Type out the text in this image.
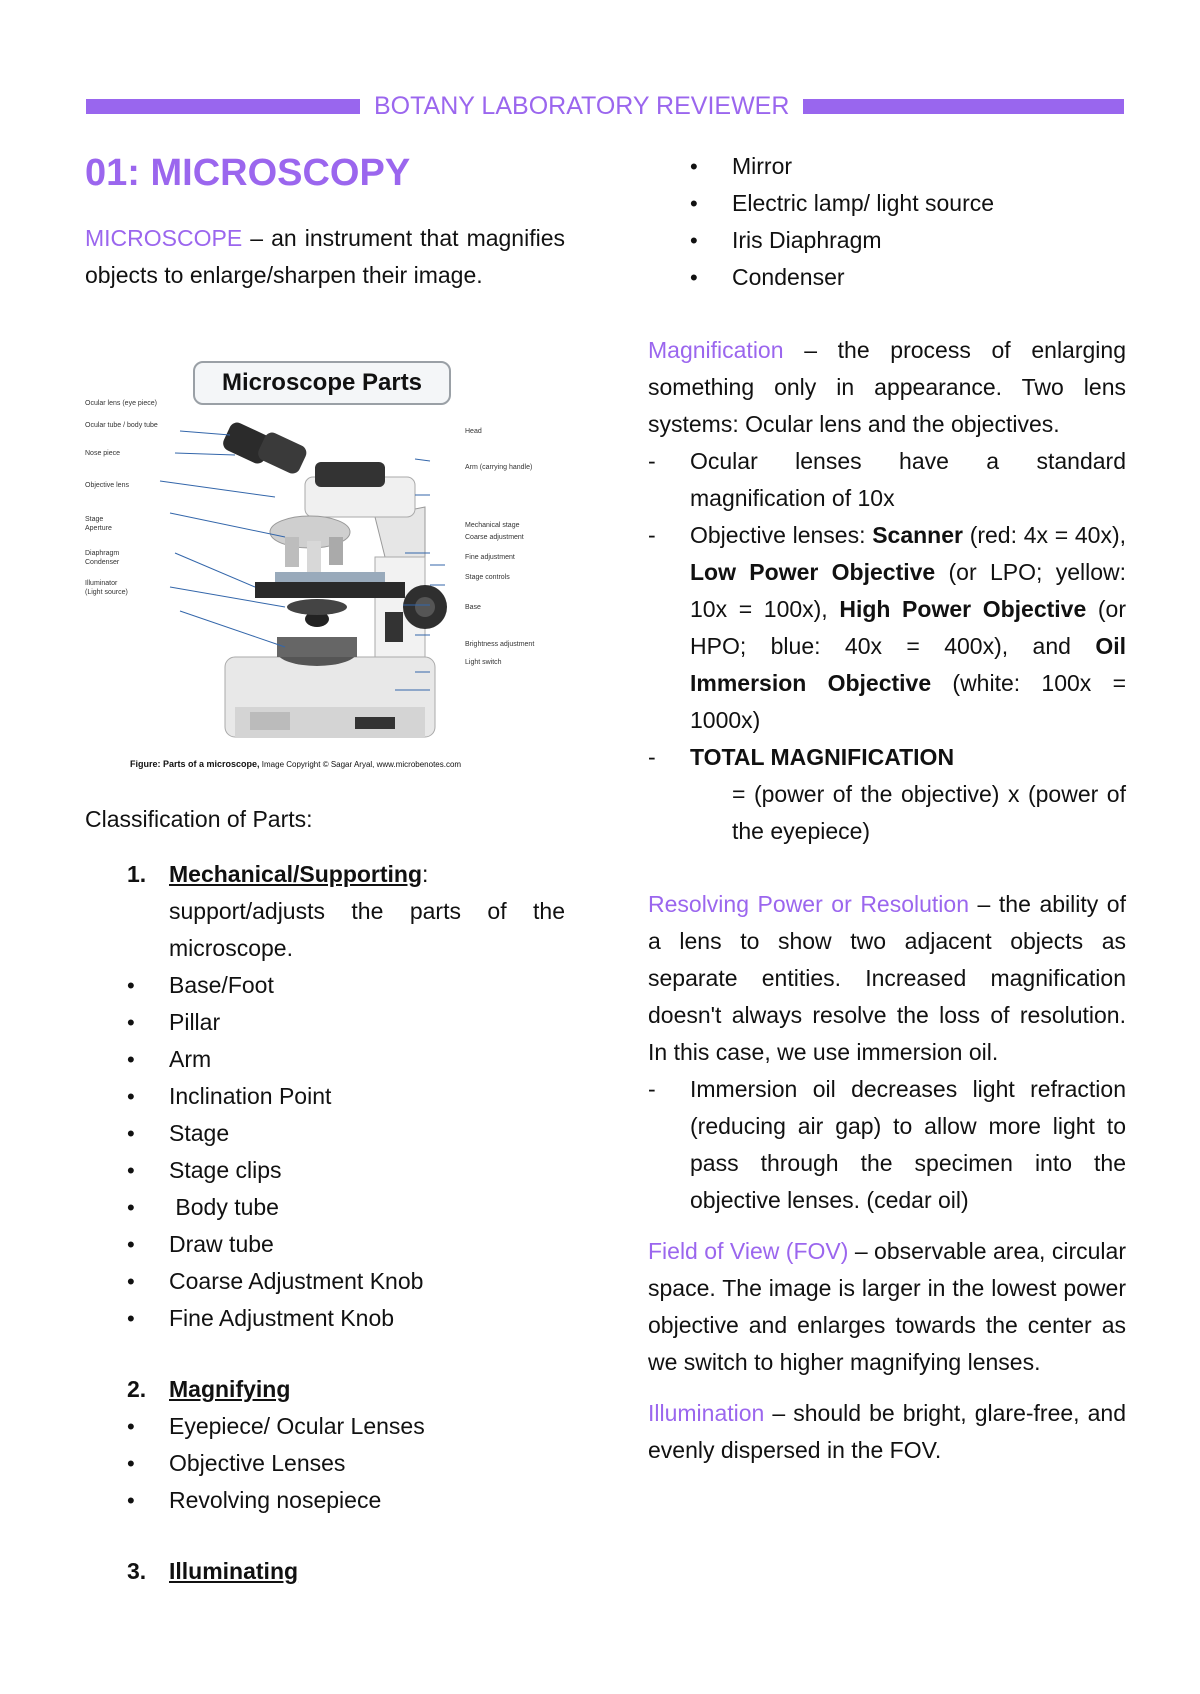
BOTANY LABORATORY REVIEWER
01: MICROSCOPY

MICROSCOPE – an instrument that magnifies objects to enlarge/sharpen their image.

Microscope Parts
Ocular lens (eye piece)
Ocular tube / body tube
Nose piece
Objective lens
Stage
Aperture
Diaphragm
Condenser
Illuminator
(Light source)
Head
Arm (carrying handle)
Mechanical stage
Coarse adjustment
Fine adjustment
Stage controls
Base
Brightness adjustment
Light switch
Figure: Parts of a microscope, Image Copyright © Sagar Aryal, www.microbenotes.com

Classification of Parts:

1. Mechanical/Supporting: support/adjusts the parts of the microscope.
• Base/Foot
• Pillar
• Arm
• Inclination Point
• Stage
• Stage clips
•  Body tube
• Draw tube
• Coarse Adjustment Knob
• Fine Adjustment Knob
2. Magnifying
• Eyepiece/ Ocular Lenses
• Objective Lenses
• Revolving nosepiece
3. Illuminating
• Mirror
• Electric lamp/ light source
• Iris Diaphragm
• Condenser

Magnification – the process of enlarging something only in appearance. Two lens systems: Ocular lens and the objectives.

- Ocular lenses have a standard magnification of 10x
- Objective lenses: Scanner (red: 4x = 40x), Low Power Objective (or LPO; yellow: 10x = 100x), High Power Objective (or HPO; blue: 40x = 400x), and Oil Immersion Objective (white: 100x = 1000x)
- TOTAL MAGNIFICATION
= (power of the objective) x (power of the eyepiece)

Resolving Power or Resolution – the ability of a lens to show two adjacent objects as separate entities. Increased magnification doesn't always resolve the loss of resolution. In this case, we use immersion oil.

- Immersion oil decreases light refraction (reducing air gap) to allow more light to pass through the specimen into the objective lenses. (cedar oil)

Field of View (FOV) – observable area, circular space. The image is larger in the lowest power objective and enlarges towards the center as we switch to higher magnifying lenses.

Illumination – should be bright, glare-free, and evenly dispersed in the FOV.
